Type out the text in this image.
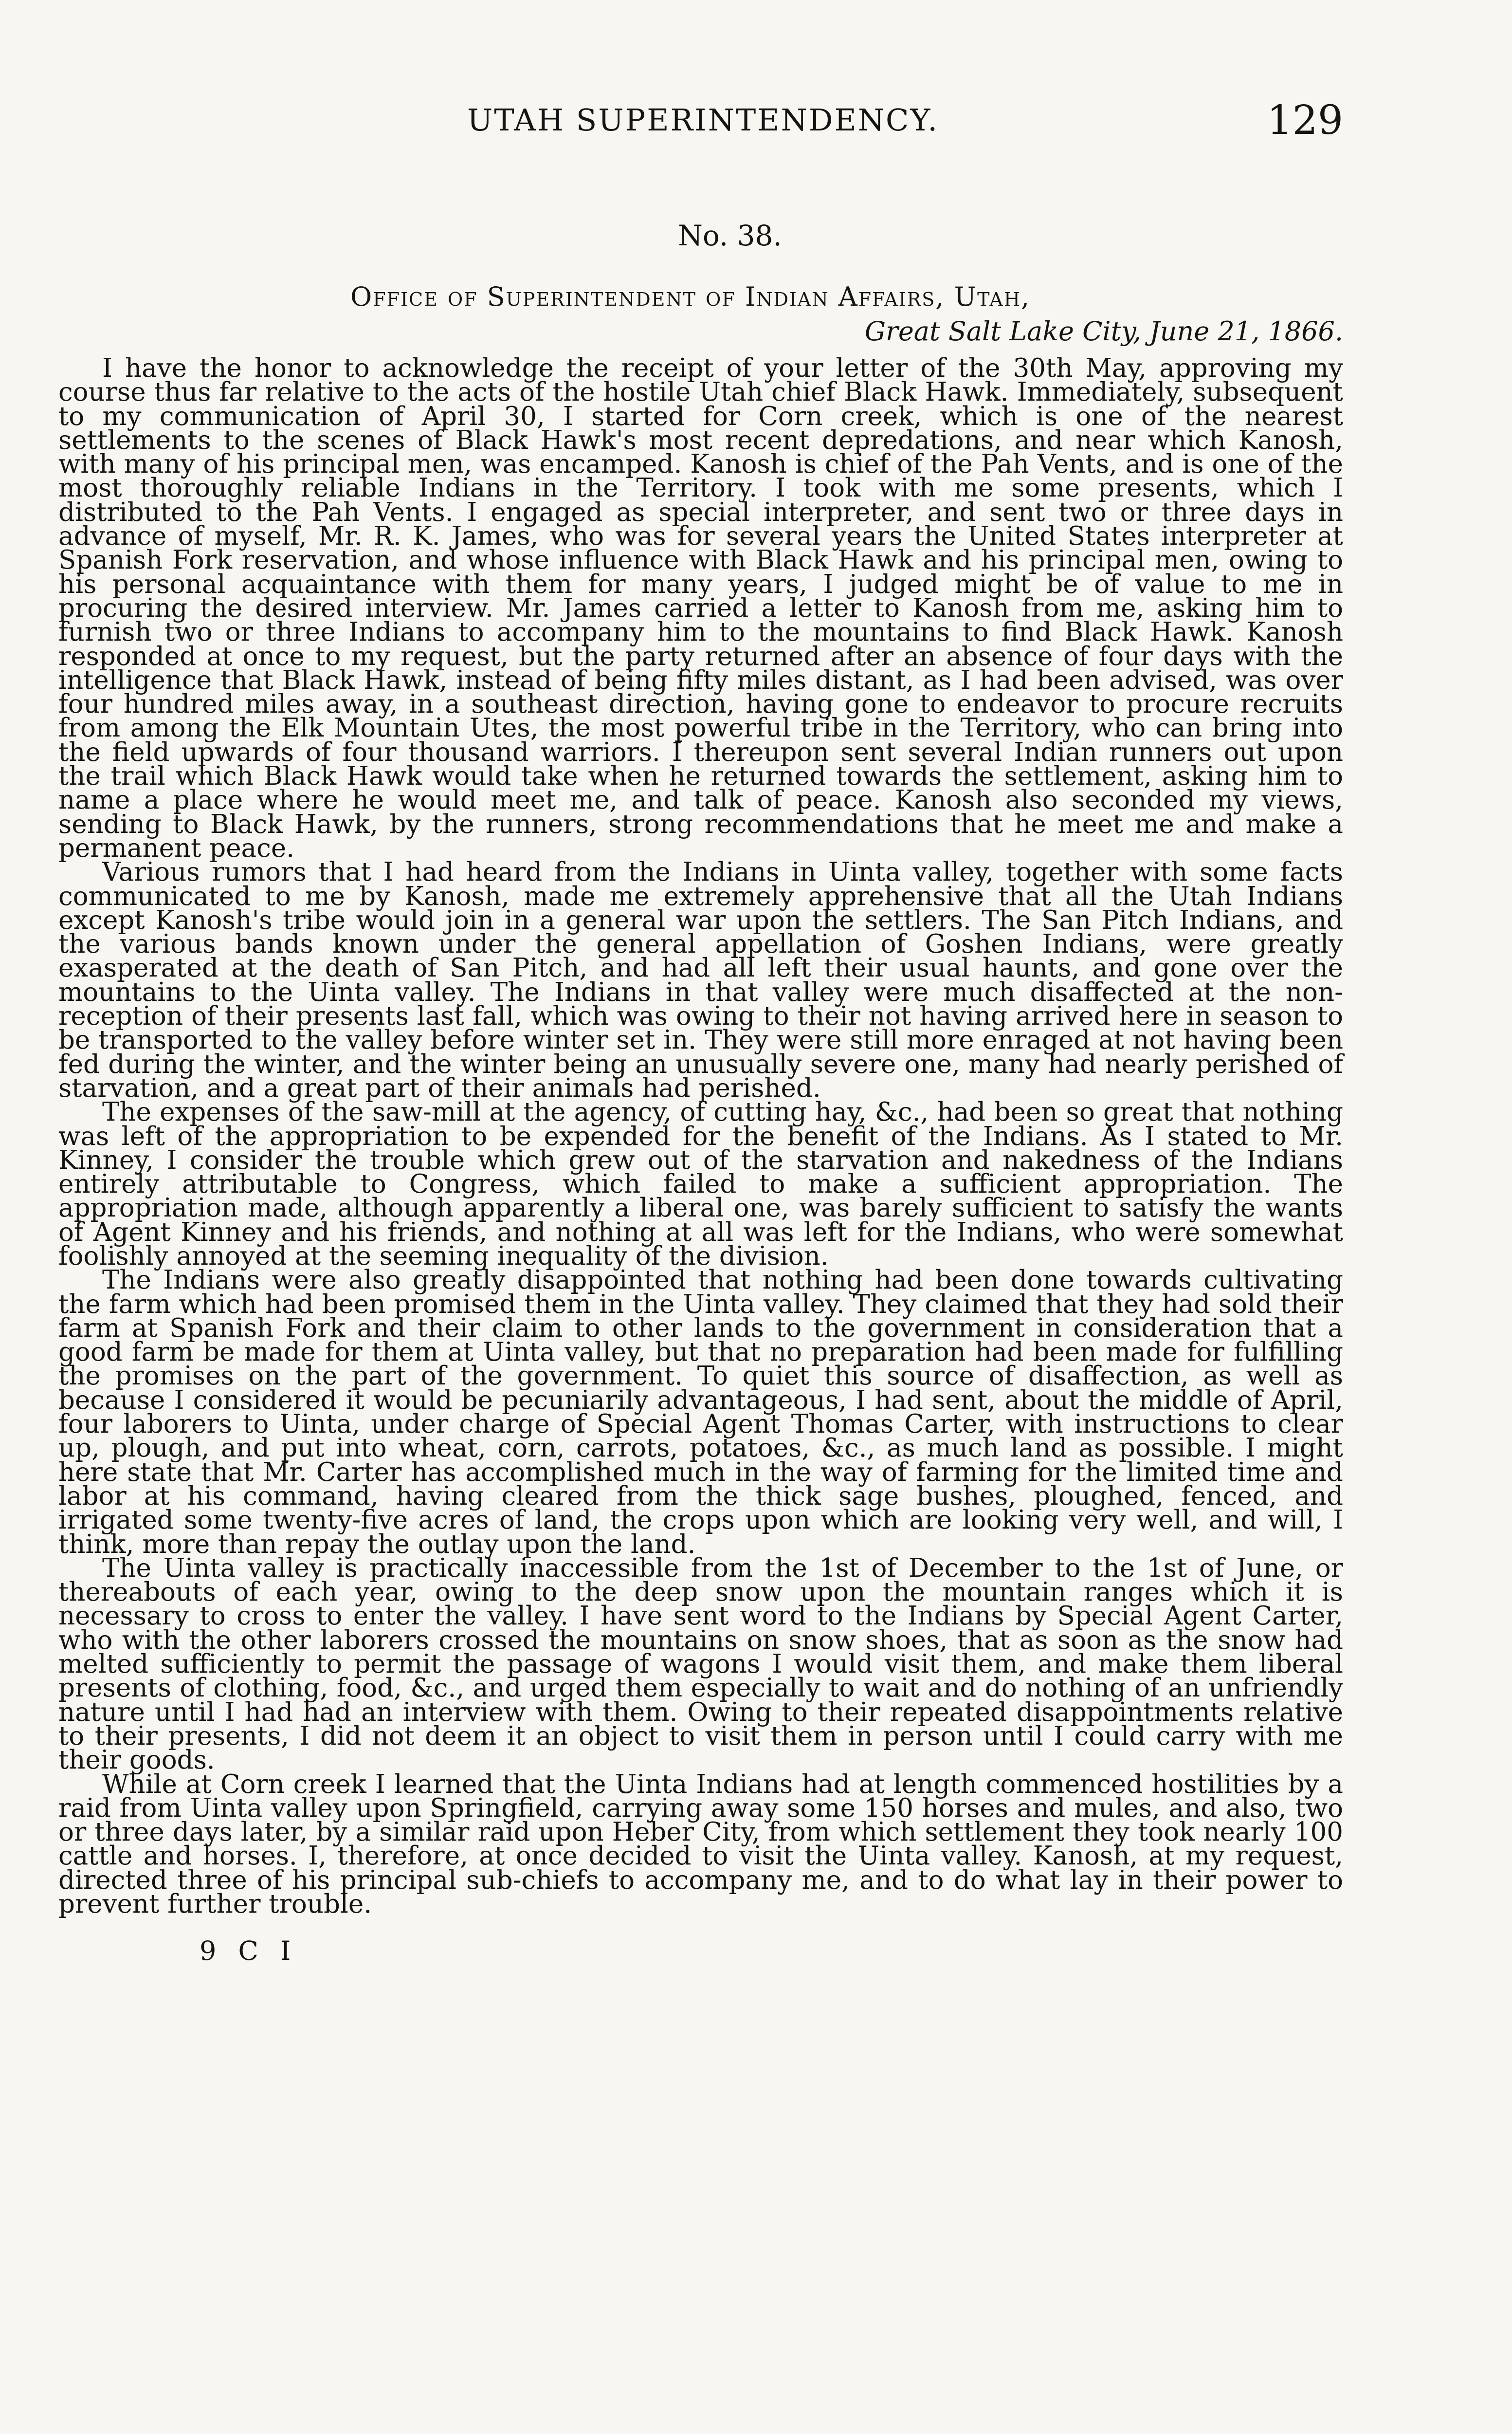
UTAH SUPERINTENDENCY.	129
No. 38.
Office of Superintendent of Indian Affairs, Utah,
Great Salt Lake City, June 21, 1866.

I have the honor to acknowledge the receipt of your letter of the 30th May, approving my course thus far relative to the acts of the hostile Utah chief Black Hawk. Immediately, subsequent to my communication of April 30, I started for Corn creek, which is one of the nearest settlements to the scenes of Black Hawk's most recent depredations, and near which Kanosh, with many of his principal men, was encamped. Kanosh is chief of the Pah Vents, and is one of the most thoroughly reliable Indians in the Territory. I took with me some presents, which I distributed to the Pah Vents. I engaged as special interpreter, and sent two or three days in advance of myself, Mr. R. K. James, who was for several years the United States interpreter at Spanish Fork reservation, and whose influence with Black Hawk and his principal men, owing to his personal acquaintance with them for many years, I judged might be of value to me in procuring the desired interview. Mr. James carried a letter to Kanosh from me, asking him to furnish two or three Indians to accompany him to the mountains to find Black Hawk. Kanosh responded at once to my request, but the party returned after an absence of four days with the intelligence that Black Hawk, instead of being fifty miles distant, as I had been advised, was over four hundred miles away, in a southeast direction, having gone to endeavor to procure recruits from among the Elk Mountain Utes, the most powerful tribe in the Territory, who can bring into the field upwards of four thousand warriors. I thereupon sent several Indian runners out upon the trail which Black Hawk would take when he returned towards the settlement, asking him to name a place where he would meet me, and talk of peace. Kanosh also seconded my views, sending to Black Hawk, by the runners, strong recommendations that he meet me and make a permanent peace.

Various rumors that I had heard from the Indians in Uinta valley, together with some facts communicated to me by Kanosh, made me extremely apprehensive that all the Utah Indians except Kanosh's tribe would join in a general war upon the settlers. The San Pitch Indians, and the various bands known under the general appellation of Goshen Indians, were greatly exasperated at the death of San Pitch, and had all left their usual haunts, and gone over the mountains to the Uinta valley. The Indians in that valley were much disaffected at the non-reception of their presents last fall, which was owing to their not having arrived here in season to be transported to the valley before winter set in. They were still more enraged at not having been fed during the winter, and the winter being an unusually severe one, many had nearly perished of starvation, and a great part of their animals had perished.

The expenses of the saw-mill at the agency, of cutting hay, &c., had been so great that nothing was left of the appropriation to be expended for the benefit of the Indians. As I stated to Mr. Kinney, I consider the trouble which grew out of the starvation and nakedness of the Indians entirely attributable to Congress, which failed to make a sufficient appropriation. The appropriation made, although apparently a liberal one, was barely sufficient to satisfy the wants of Agent Kinney and his friends, and nothing at all was left for the Indians, who were somewhat foolishly annoyed at the seeming inequality of the division.

The Indians were also greatly disappointed that nothing had been done towards cultivating the farm which had been promised them in the Uinta valley. They claimed that they had sold their farm at Spanish Fork and their claim to other lands to the government in consideration that a good farm be made for them at Uinta valley, but that no preparation had been made for fulfilling the promises on the part of the government. To quiet this source of disaffection, as well as because I considered it would be pecuniarily advantageous, I had sent, about the middle of April, four laborers to Uinta, under charge of Special Agent Thomas Carter, with instructions to clear up, plough, and put into wheat, corn, carrots, potatoes, &c., as much land as possible. I might here state that Mr. Carter has accomplished much in the way of farming for the limited time and labor at his command, having cleared from the thick sage bushes, ploughed, fenced, and irrigated some twenty-five acres of land, the crops upon which are looking very well, and will, I think, more than repay the outlay upon the land.

The Uinta valley is practically inaccessible from the 1st of December to the 1st of June, or thereabouts of each year, owing to the deep snow upon the mountain ranges which it is necessary to cross to enter the valley. I have sent word to the Indians by Special Agent Carter, who with the other laborers crossed the mountains on snow shoes, that as soon as the snow had melted sufficiently to permit the passage of wagons I would visit them, and make them liberal presents of clothing, food, &c., and urged them especially to wait and do nothing of an unfriendly nature until I had had an interview with them. Owing to their repeated disappointments relative to their presents, I did not deem it an object to visit them in person until I could carry with me their goods.

While at Corn creek I learned that the Uinta Indians had at length commenced hostilities by a raid from Uinta valley upon Springfield, carrying away some 150 horses and mules, and also, two or three days later, by a similar raid upon Heber City, from which settlement they took nearly 100 cattle and horses. I, therefore, at once decided to visit the Uinta valley. Kanosh, at my request, directed three of his principal sub-chiefs to accompany me, and to do what lay in their power to prevent further trouble.

9 C I
